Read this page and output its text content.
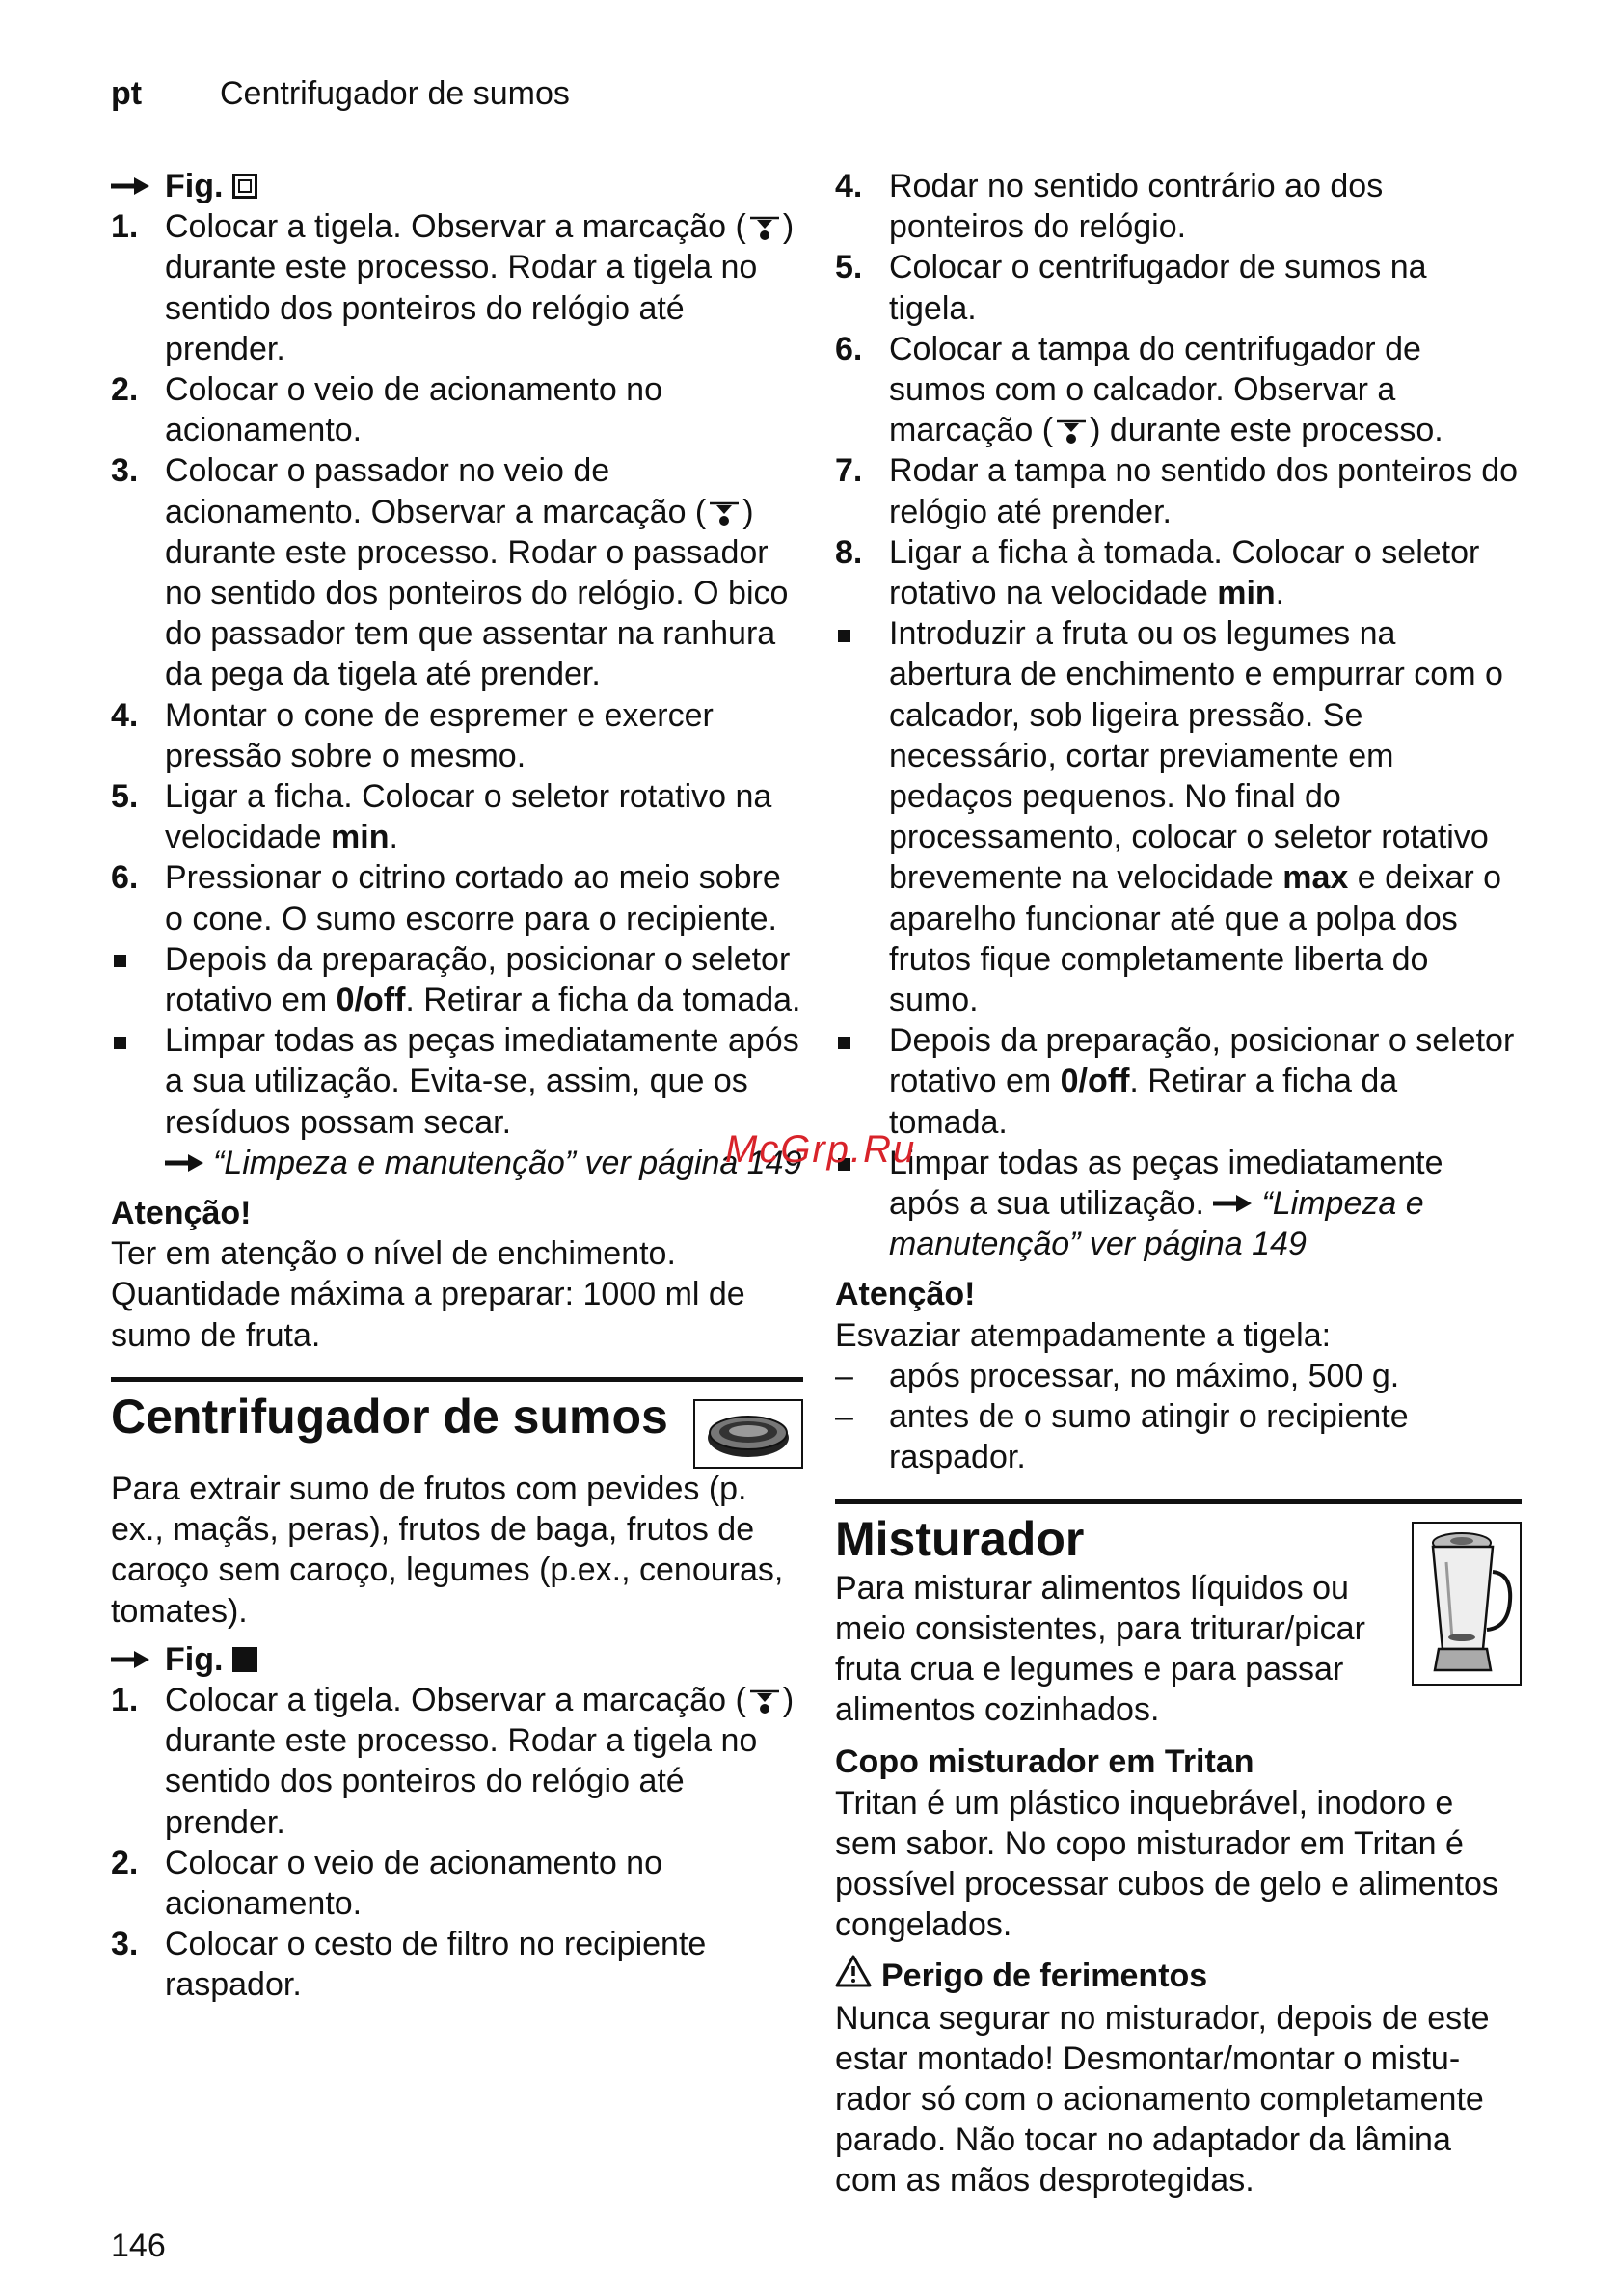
pt Centrifugador de sumos
Fig.
1. Colocar a tigela. Observar a marcação ( ) durante este processo. Rodar a tigela no sentido dos ponteiros do relógio até prender.
2. Colocar o veio de acionamento no acionamento.
3. Colocar o passador no veio de acionamento. Observar a marcação ( ) durante este processo. Rodar o passador no sentido dos ponteiros do relógio. O bico do passador tem que assentar na ranhura da pega da tigela até prender.
4. Montar o cone de espremer e exercer pressão sobre o mesmo.
5. Ligar a ficha. Colocar o seletor rotativo na velocidade min.
6. Pressionar o citrino cortado ao meio sobre o cone. O sumo escorre para o recipiente.
Depois da preparação, posicionar o seletor rotativo em 0/off. Retirar a ficha da tomada.
Limpar todas as peças imediatamente após a sua utilização. Evita-se, assim, que os resíduos possam secar.
“Limpeza e manutenção” ver página 149

Atenção!

Ter em atenção o nível de enchimento. Quantidade máxima a preparar: 1000 ml de sumo de fruta.

Centrifugador de sumos

Para extrair sumo de frutos com pevides (p. ex., maçãs, peras), frutos de baga, frutos de caroço sem caroço, legumes (p.ex., cenouras, tomates).

Fig.
1. Colocar a tigela. Observar a marcação ( ) durante este processo. Rodar a tigela no sentido dos ponteiros do relógio até prender.
2. Colocar o veio de acionamento no acionamento.
3. Colocar o cesto de filtro no recipiente raspador.
4. Rodar no sentido contrário ao dos ponteiros do relógio.
5. Colocar o centrifugador de sumos na tigela.
6. Colocar a tampa do centrifugador de sumos com o calcador. Observar a marcação ( ) durante este processo.
7. Rodar a tampa no sentido dos ponteiros do relógio até prender.
8. Ligar a ficha à tomada. Colocar o seletor rotativo na velocidade min.
Introduzir a fruta ou os legumes na abertura de enchimento e empurrar com o calcador, sob ligeira pressão. Se necessário, cortar previamente em pedaços pequenos. No final do processamento, colocar o seletor rotativo brevemente na velocidade max e deixar o aparelho funcionar até que a polpa dos frutos fique completamente liberta do sumo.
Depois da preparação, posicionar o seletor rotativo em 0/off. Retirar a ficha da tomada.
Limpar todas as peças imediatamente após a sua utilização. “Limpeza e manutenção” ver página 149

Atenção!

Esvaziar atempadamente a tigela:

–	após processar, no máximo, 500 g.
–	antes de o sumo atingir o recipiente raspador.
Misturador

Para misturar alimentos líquidos ou meio consistentes, para triturar/picar fruta crua e legumes e para passar alimentos cozinhados.

Copo misturador em Tritan

Tritan é um plástico inquebrável, inodoro e sem sabor. No copo misturador em Tritan é possível processar cubos de gelo e alimentos congelados.

Perigo de ferimentos

Nunca segurar no misturador, depois de este estar montado! Desmontar/montar o mistu-rador só com o acionamento completamente parado. Não tocar no adaptador da lâmina com as mãos desprotegidas.

McGrp.Ru
146
